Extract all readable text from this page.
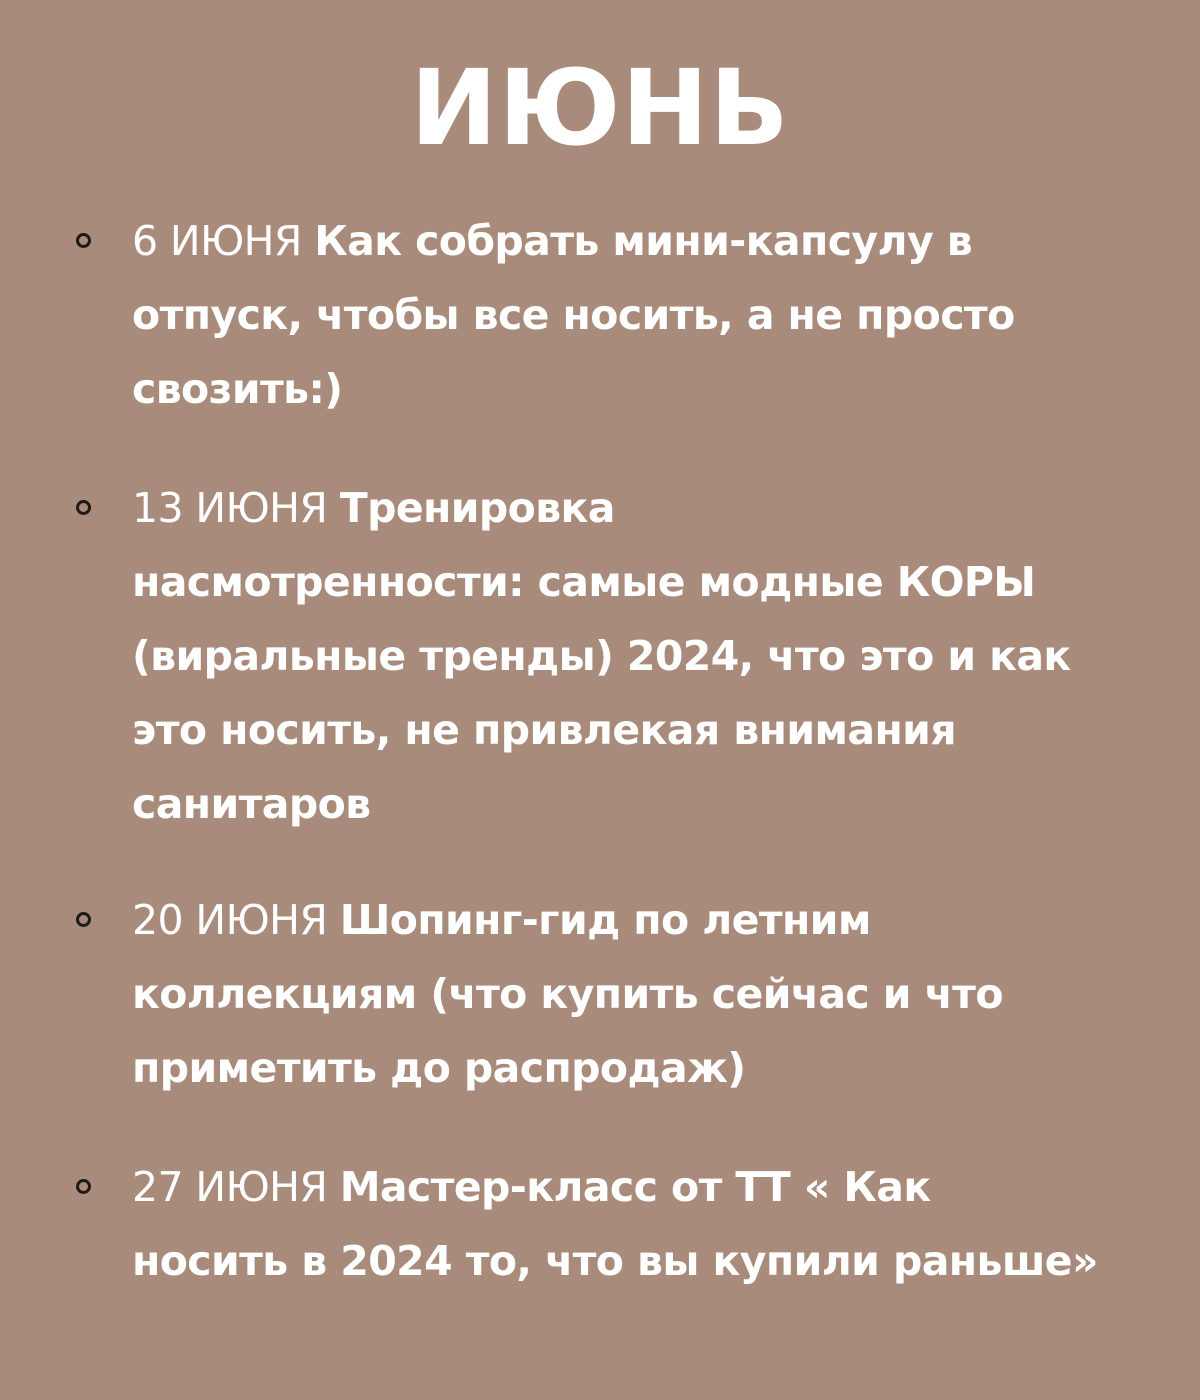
ИЮНЬ
6 ИЮНЯ Как собрать мини-капсулу в
отпуск, чтобы все носить, а не просто
свозить:)
13 ИЮНЯ Тренировка
насмотренности: самые модные КОРЫ
(виральные тренды) 2024, что это и как
это носить, не привлекая внимания
санитаров
20 ИЮНЯ Шопинг-гид по летним
коллекциям (что купить сейчас и что
приметить до распродаж)
27 ИЮНЯ Мастер-класс от ТТ « Как
носить в 2024 то, что вы купили раньше»
